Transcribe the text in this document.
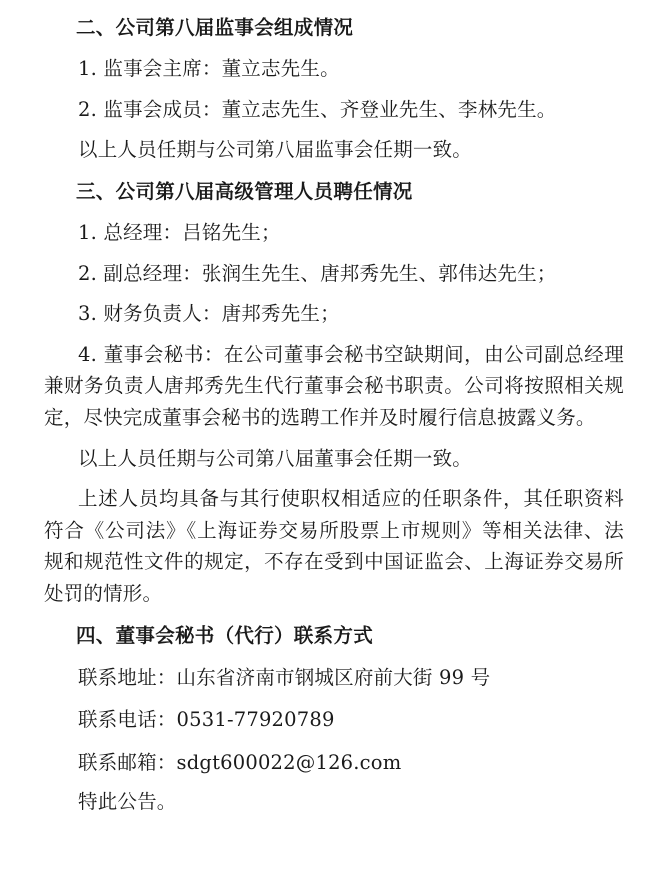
二、公司第八届监事会组成情况

1. 监事会主席：董立志先生。

2. 监事会成员：董立志先生、齐登业先生、李林先生。

以上人员任期与公司第八届监事会任期一致。

三、公司第八届高级管理人员聘任情况

1. 总经理：吕铭先生；

2. 副总经理：张润生先生、唐邦秀先生、郭伟达先生；

3. 财务负责人：唐邦秀先生；

4. 董事会秘书：在公司董事会秘书空缺期间，由公司副总经理兼财务负责人唐邦秀先生代行董事会秘书职责。公司将按照相关规定，尽快完成董事会秘书的选聘工作并及时履行信息披露义务。

以上人员任期与公司第八届董事会任期一致。

上述人员均具备与其行使职权相适应的任职条件，其任职资料符合《公司法》《上海证券交易所股票上市规则》等相关法律、法规和规范性文件的规定，不存在受到中国证监会、上海证券交易所处罚的情形。

四、董事会秘书（代行）联系方式

联系地址：山东省济南市钢城区府前大街 99 号

联系电话：0531-77920789

联系邮箱：sdgt600022@126.com

特此公告。
